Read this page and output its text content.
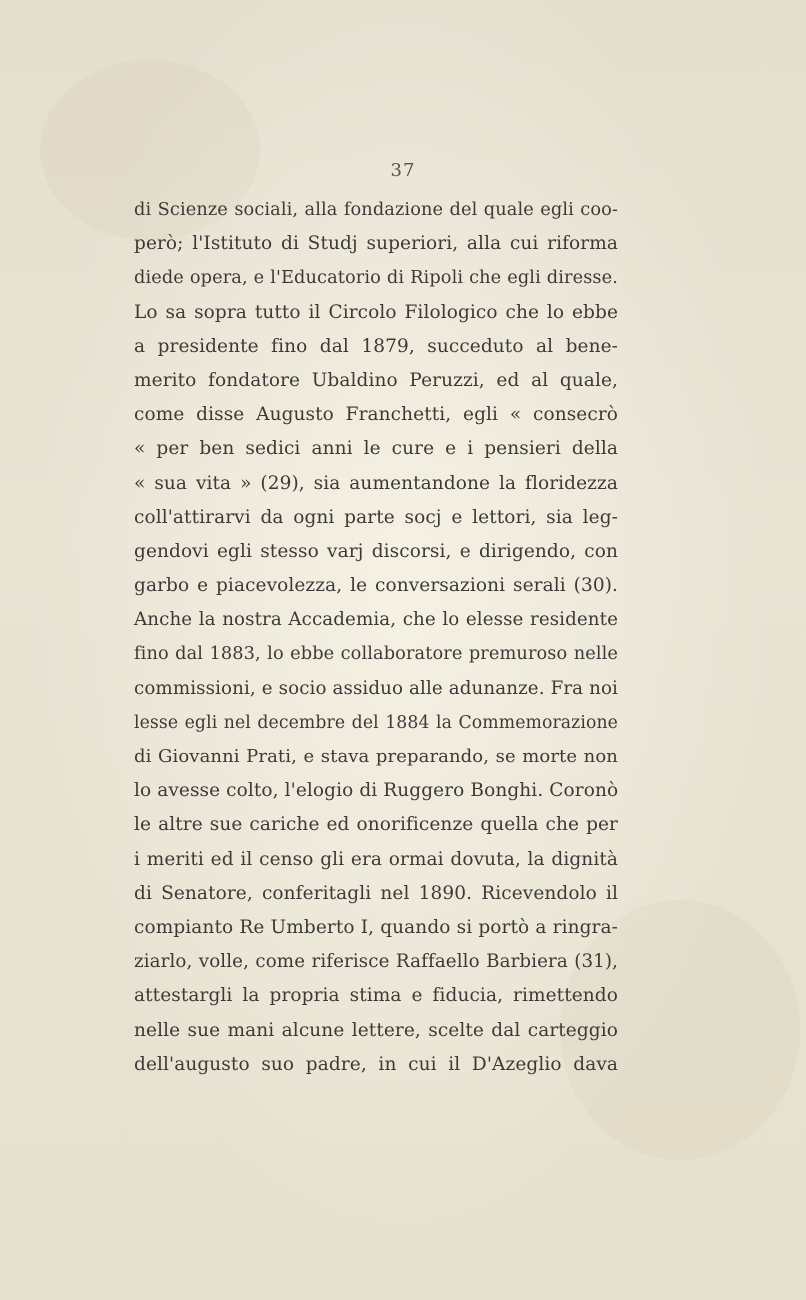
37
di Scienze sociali, alla fondazione del quale egli coo-
però; l'Istituto di Studj superiori, alla cui riforma
diede opera, e l'Educatorio di Ripoli che egli diresse.
Lo sa sopra tutto il Circolo Filologico che lo ebbe
a presidente fino dal 1879, succeduto al bene-
merito fondatore Ubaldino Peruzzi, ed al quale,
come disse Augusto Franchetti, egli « consecrò
« per ben sedici anni le cure e i pensieri della
« sua vita » (29), sia aumentandone la floridezza
coll'attirarvi da ogni parte socj e lettori, sia leg-
gendovi egli stesso varj discorsi, e dirigendo, con
garbo e piacevolezza, le conversazioni serali (30).
Anche la nostra Accademia, che lo elesse residente
fino dal 1883, lo ebbe collaboratore premuroso nelle
commissioni, e socio assiduo alle adunanze. Fra noi
lesse egli nel decembre del 1884 la Commemorazione
di Giovanni Prati, e stava preparando, se morte non
lo avesse colto, l'elogio di Ruggero Bonghi. Coronò
le altre sue cariche ed onorificenze quella che per
i meriti ed il censo gli era ormai dovuta, la dignità
di Senatore, conferitagli nel 1890. Ricevendolo il
compianto Re Umberto I, quando si portò a ringra-
ziarlo, volle, come riferisce Raffaello Barbiera (31),
attestargli la propria stima e fiducia, rimettendo
nelle sue mani alcune lettere, scelte dal carteggio
dell'augusto suo padre, in cui il D'Azeglio dava
